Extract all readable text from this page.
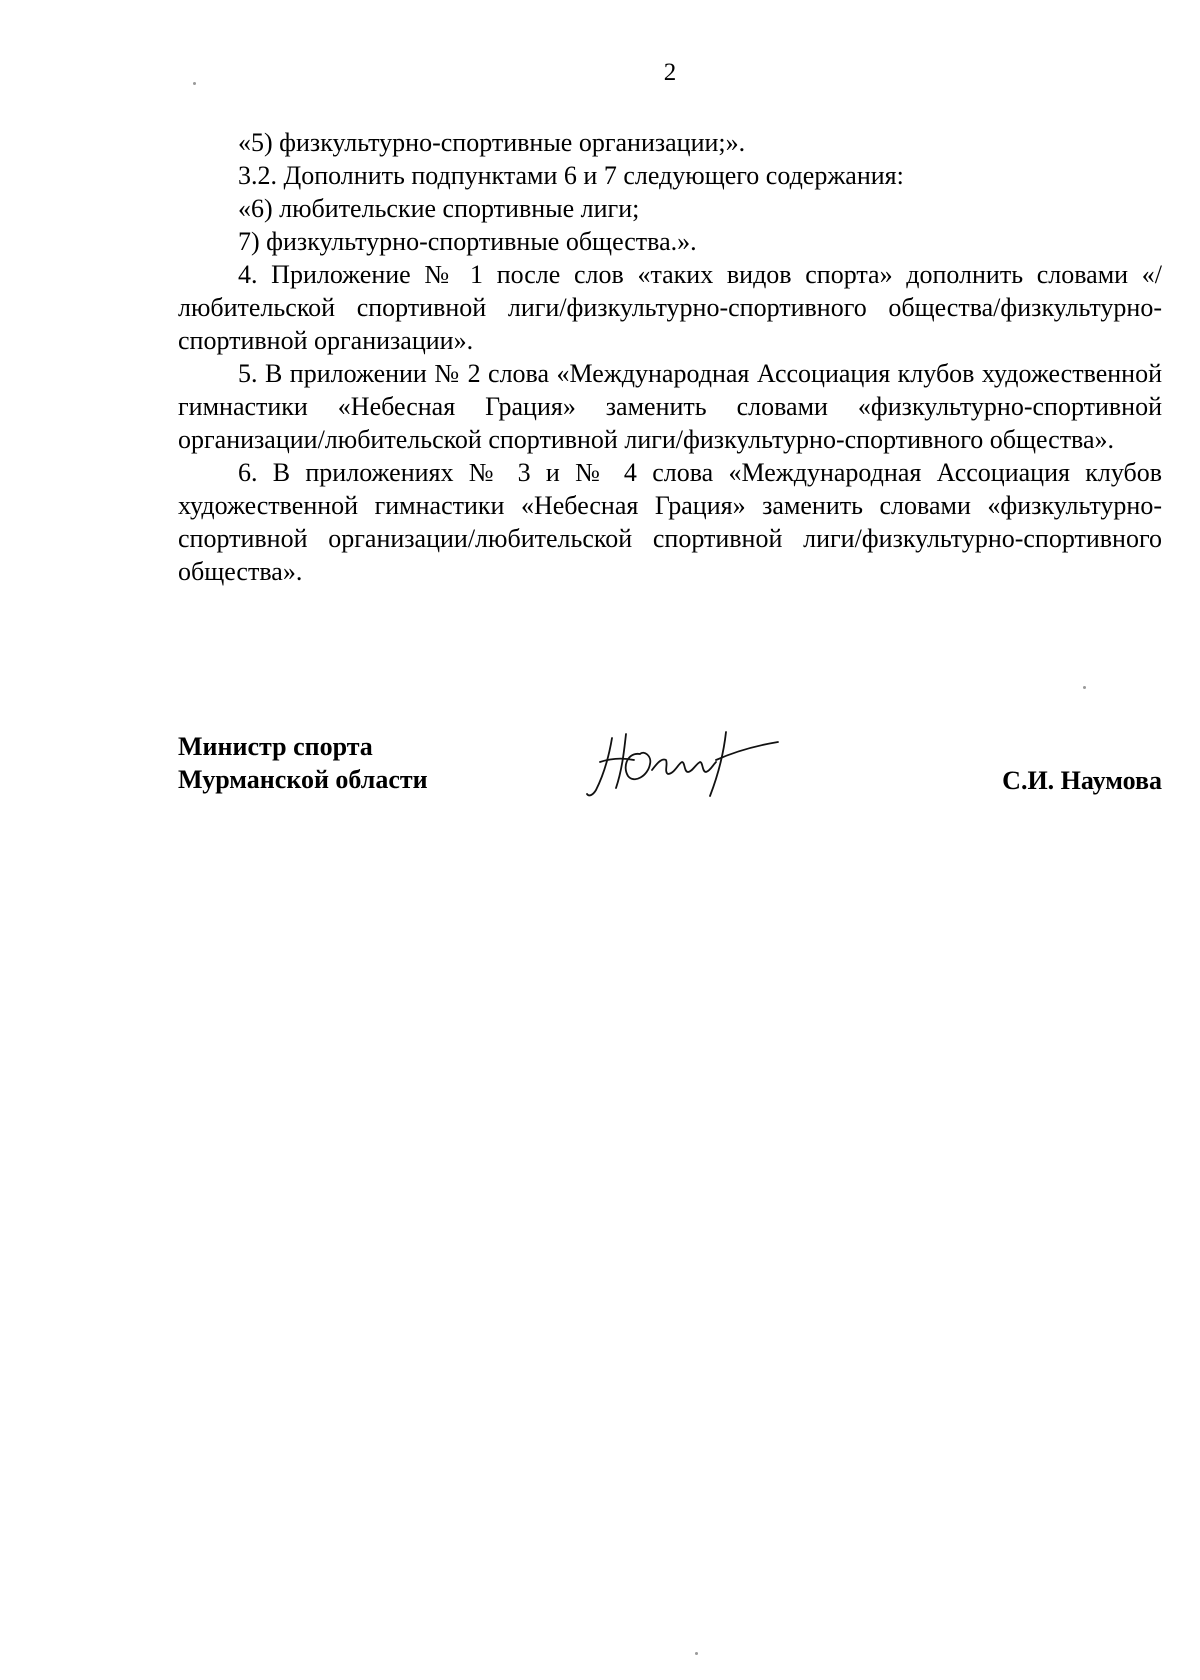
2

«5) физкультурно-спортивные организации;».

3.2. Дополнить подпунктами 6 и 7 следующего содержания:

«6) любительские спортивные лиги;

7) физкультурно-спортивные общества.».

4. Приложение № 1 после слов «таких видов спорта» дополнить словами «/любительской спортивной лиги/физкультурно-спортивного общества/физкультурно-спортивной организации».

5. В приложении № 2 слова «Международная Ассоциация клубов художественной гимнастики «Небесная Грация» заменить словами «физкультурно-спортивной организации/любительской спортивной лиги/физкультурно-спортивного общества».

6. В приложениях № 3 и № 4 слова «Международная Ассоциация клубов художественной гимнастики «Небесная Грация» заменить словами «физкультурно-спортивной организации/любительской спортивной лиги/физкультурно-спортивного общества».

Министр спорта
Мурманской области	С.И. Наумова
